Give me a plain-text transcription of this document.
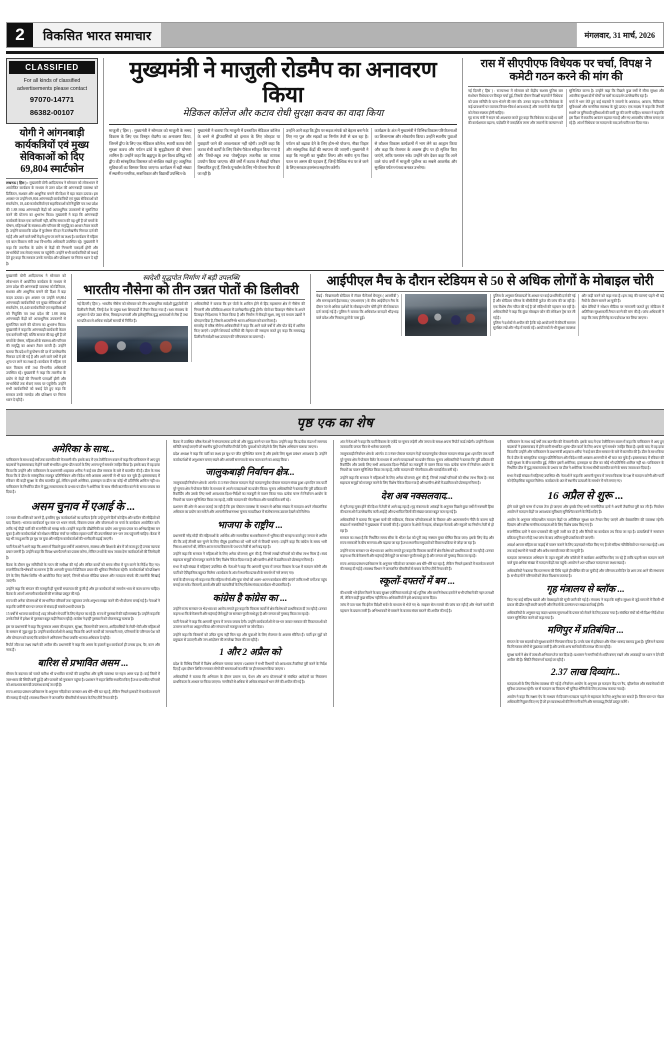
2	विकसित भारत समाचार	मंगलवार, 31 मार्च, 2026
CLASSIFIED
For all kinds of classified advertisements please contact
97070-14771
86382-00107
योगी ने आंगनबाड़ी कार्यकत्रियों एवं मुख्य सेविकाओं को दिए 69,804 स्मार्टफोन
लखनऊ ( हिंस ) : मुख्यमंत्री योगी आदित्यनाथ ने सोमवार को लोकभवन में आयोजित कार्यक्रम के माध्यम से उत्तर प्रदेश की आंगनबाड़ी व्यवस्था को डिजिटल, सशक्त और आधुनिक बनाने की दिशा में बड़ा कदम उठाया। इस अवसर पर उन्होंने 69,804 आंगनबाड़ी कार्यकत्रियों एवं मुख्य सेविकाओं को स्मार्टफोन, 18,440 कार्यकत्रियों एवं सहायिकाओं को नियुक्ति पत्र तथा प्रदेश की 1.88 लाख आंगनबाड़ी केंद्रों को अत्याधुनिक उपकरणों से सुसज्जित करने की योजना का शुभारंभ किया। मुख्यमंत्री ने कहा कि आंगनबाड़ी कार्यकत्री केवल एक कर्मचारी नहीं, बल्कि समाज की वह धुरी हैं जो बच्चों के पोषण, महिलाओं के स्वास्थ्य और परिवार की समृद्धि का आधार तैयार करती हैं। उन्होंने बताया कि प्रदेश में कुपोषण की दर में उल्लेखनीय गिरावट दर्ज की गई है और आने वाले वर्षों में इसे शून्य पर लाने का लक्ष्य है। कार्यक्रम में महिला एवं बाल विकास मंत्री तथा विभागीय अधिकारी उपस्थित रहे। मुख्यमंत्री ने कहा कि तकनीक के प्रयोग से केंद्रों की निगरानी पारदर्शी होगी और लाभार्थियों तक सेवाएं समय पर पहुंचेंगी। उन्होंने सभी कार्यकत्रियों को बधाई देते हुए कहा कि सरकार उनके मानदेय और प्रशिक्षण पर निरंतर ध्यान दे रही है।
मुख्यमंत्री ने माजुली रोडमैप का अनावरण किया
मेडिकल कॉलेज और कटाव रोधी सुरक्षा कवच का वादा किया
माजुली ( हिंस ) : मुख्यमंत्री ने सोमवार को माजुली के समग्र विकास के लिए एक विस्तृत रोडमैप का अनावरण किया, जिसमें द्वीप के लिए एक मेडिकल कॉलेज, स्थायी कटाव रोधी सुरक्षा कवच और पर्यटन ढांचे के सुदृढ़ीकरण की घोषणा शामिल है। उन्होंने कहा कि ब्रह्मपुत्र के इस विश्व प्रसिद्ध नदी द्वीप की सांस्कृतिक विरासत को संरक्षित रखते हुए आधुनिक सुविधाओं का विस्तार किया जाएगा। कार्यक्रम में बड़ी संख्या में स्थानीय नागरिक, सत्राधिकार और विद्यार्थी उपस्थित थे।
मुख्यमंत्री ने बताया कि माजुली में प्रस्तावित मेडिकल कॉलेज के बनने से द्वीपवासियों को इलाज के लिए जोरहाट या गुवाहाटी जाने की आवश्यकता नहीं रहेगी। उन्होंने कहा कि कटाव रोधी कार्यों के लिए विशेष पैकेज स्वीकृत किया गया है और जियो-ट्यूब तथा पोर्क्यूपाइन तकनीक का व्यापक उपयोग किया जाएगा। बीते वर्षों में कटाव से सैकड़ों परिवार विस्थापित हुए हैं, जिनके पुनर्वास के लिए भी योजना तैयार की जा रही है।
उन्होंने आगे कहा कि द्वीप पर सड़क संपर्क को बेहतर बनाने के लिए नए पुल और सड़कों का निर्माण तेजी से चल रहा है। पर्यटन को बढ़ावा देने के लिए होम-स्टे योजना, नौका विहार और सांस्कृतिक केंद्रों की स्थापना की जाएगी। मुख्यमंत्री ने कहा कि माजुली का मुखौटा शिल्प और सत्रीय नृत्य विश्व पटल पर असम की पहचान हैं, जिन्हें वैश्विक मंच पर ले जाने के लिए सरकार हरसंभव सहयोग करेगी।
कार्यक्रम के अंत में मुख्यमंत्री ने विभिन्न विकास परियोजनाओं का शिलान्यास और लोकार्पण किया। उन्होंने स्थानीय युवाओं से कौशल विकास कार्यक्रमों में भाग लेने का आह्वान किया और कहा कि रोजगार के अवसर द्वीप पर ही सृजित किए जाएंगे, ताकि पलायन रुके। उन्होंने जोर देकर कहा कि आने वाले पांच वर्षों में माजुली पूर्वोत्तर का सबसे आकर्षक और सुरक्षित पर्यटन गंतव्य बनकर उभरेगा।
रास में सीएपीएफ विधेयक पर चर्चा, विपक्ष ने कमेटी गठन करने की मांग की
नई दिल्ली ( हिंस ) : राज्यसभा में सोमवार को केंद्रीय सशस्त्र पुलिस बल संशोधन विधेयक पर विस्तृत चर्चा हुई, जिसके दौरान विपक्षी सदस्यों ने विधेयक को प्रवर समिति के पास भेजने की मांग की। उनका कहना था कि विधेयक के कई प्रावधानों पर व्यापक विचार-विमर्श आवश्यक है और जवानों के सेवा हितों को लेकर स्पष्टता होनी चाहिए।
गृह राज्य मंत्री ने सदन को आश्वस्त करते हुए कहा कि विधेयक का उद्देश्य बलों की कार्यक्षमता बढ़ाना, पदोन्नति में पारदर्शिता लाना और जवानों के कल्याण को सुनिश्चित करना है। उन्होंने कहा कि पिछले कुछ वर्षों में सीमा सुरक्षा और आंतरिक सुरक्षा दोनों मोर्चों पर बलों का प्रदर्शन उल्लेखनीय रहा है।
चर्चा में भाग लेते हुए कई सदस्यों ने जवानों के अवकाश, आवास, चिकित्सा सुविधाओं और मानसिक स्वास्थ्य के मुद्दे उठाए। एक सदस्य ने कहा कि तैनाती स्थलों पर बुनियादी सुविधाओं की कमी दूर की जानी चाहिए। सरकार ने कहा कि इस दिशा में बजटीय आवंटन बढ़ाया गया है और नए आवासीय परिसर बनाए जा रहे हैं। अंत में विधेयक पर मतदान के बाद उसे पारित कर दिया गया।
मुख्यमंत्री योगी आदित्यनाथ ने सोमवार को लोकभवन में आयोजित कार्यक्रम के माध्यम से उत्तर प्रदेश की आंगनबाड़ी व्यवस्था को डिजिटल, सशक्त और आधुनिक बनाने की दिशा में बड़ा कदम उठाया। इस अवसर पर उन्होंने 69,804 आंगनबाड़ी कार्यकत्रियों एवं मुख्य सेविकाओं को स्मार्टफोन, 18,440 कार्यकत्रियों एवं सहायिकाओं को नियुक्ति पत्र तथा प्रदेश की 1.88 लाख आंगनबाड़ी केंद्रों को अत्याधुनिक उपकरणों से सुसज्जित करने की योजना का शुभारंभ किया। मुख्यमंत्री ने कहा कि आंगनबाड़ी कार्यकत्री केवल एक कर्मचारी नहीं, बल्कि समाज की वह धुरी हैं जो बच्चों के पोषण, महिलाओं के स्वास्थ्य और परिवार की समृद्धि का आधार तैयार करती हैं। उन्होंने बताया कि प्रदेश में कुपोषण की दर में उल्लेखनीय गिरावट दर्ज की गई है और आने वाले वर्षों में इसे शून्य पर लाने का लक्ष्य है। कार्यक्रम में महिला एवं बाल विकास मंत्री तथा विभागीय अधिकारी उपस्थित रहे। मुख्यमंत्री ने कहा कि तकनीक के प्रयोग से केंद्रों की निगरानी पारदर्शी होगी और लाभार्थियों तक सेवाएं समय पर पहुंचेंगी। उन्होंने सभी कार्यकत्रियों को बधाई देते हुए कहा कि सरकार उनके मानदेय और प्रशिक्षण पर निरंतर ध्यान दे रही है।
स्वदेशी युद्धपोत निर्माण में बड़ी उपलब्धि
भारतीय नौसेना को तीन उन्नत पोतों की डिलीवरी
नई दिल्ली ( हिंस ) : भारतीय नौसेना को सोमवार को तीन अत्याधुनिक स्वदेशी युद्धपोतों की डिलीवरी मिली, जिन्हें देश के प्रमुख रक्षा शिपयार्डों में तैयार किया गया है। रक्षा मंत्रालय के अनुसार ये पोत उन्नत सेंसर, मिसाइल प्रणाली और इलेक्ट्रॉनिक युद्ध क्षमताओं से लैस हैं तथा 60 प्रतिशत से अधिक स्वदेशी सामग्री से निर्मित हैं।
अधिकारियों ने बताया कि इन पोतों के शामिल होने से हिंद महासागर क्षेत्र में नौसेना की निगरानी और प्रतिक्रिया क्षमता में उल्लेखनीय वृद्धि होगी। पोतों का डिजाइन नौसेना के अपने डिजाइन निदेशालय ने तैयार किया है और निर्माण में सैकड़ों सूक्ष्म, लघु एवं मध्यम उद्यमों ने योगदान दिया है, जिससे आत्मनिर्भर भारत अभियान को बल मिला है।
समारोह में वरिष्ठ नौसेना अधिकारियों ने कहा कि आने वाले वर्षों में और पोत बेड़े में शामिल किए जाएंगे। उन्होंने शिपयार्ड कर्मियों की मेहनत की सराहना करते हुए कहा कि समयबद्ध डिलीवरी स्वदेशी रक्षा उत्पादन की परिपक्वता का प्रमाण है।
आईपीएल मैच के दौरान स्टेडियम से 50 से अधिक लोगों के मोबाइल चोरी
चेन्नई : चिन्नास्वामी स्टेडियम में रॉयल चैलेंजर्स बेंगलुरु ( आरसीबी ) और सनराइजर्स हैदराबाद ( एसआरएच ) के बीच आईपीएल मैच के दौरान 50 से अधिक दर्शकों के मोबाइल फोन चोरी होने की शिकायत दर्ज कराई गई है। पुलिस ने बताया कि अधिकांश वारदातें भीड़भाड़ वाले प्रवेश और निकास द्वारों के पास हुईं।
पुलिस के अनुसार शिकायतों के आधार पर कई प्राथमिकी दर्ज की गई हैं और स्टेडियम परिसर के सीसीटीवी फुटेज की जांच की जा रही है। एक विशेष टीम गठित की गई है जो संदिग्धों की पहचान कर रही है। अधिकारियों ने कहा कि कुछ मोबाइल फोन की लोकेशन ट्रेस कर ली गई है।
पुलिस ने दर्शकों से अपील की है कि बड़े आयोजनों में कीमती सामान सुरक्षित रखें और भीड़ में सतर्क रहें। आयोजकों से भी सुरक्षा व्यवस्था और कड़ी करने को कहा गया है। इस तरह की घटनाएं पहले भी बड़े मैचों के दौरान सामने आ चुकी हैं।
खेल प्रेमियों ने सोशल मीडिया पर नाराजगी जताते हुए स्टेडियम में अतिरिक्त सुरक्षाकर्मी तैनात करने की मांग की है। जांच अधिकारी ने कहा कि जल्द ही गिरोह का पर्दाफाश कर लिया जाएगा।
पृष्ठ एक का शेष
अमेरिका के साथ...

पाकिस्तान के साथ कई वर्षों तक बातचीत की मेजबानी की। इसके बाद में एक टेलीविजन बयान में कहा कि पाकिस्तान में आए हुए बदलावों ने इस्लामाबाद में होने वाली संभावित शुल्क-डील वार्ता के लिए अपना पूर्ण समर्थन जाहिर किया है। इसके बाद में यह दावा किया कि उन्होंने और पाकिस्तान के प्रधानमंत्री शाहबाज शरीफ ने कई बार डील सरकार के बारे में बातचीत की है। डील के साथ किया कि वे डील के सांस्कृतिक मजबूत प्रतिनिधियन और विदेश मंत्री अब्बास अरागची से भी बात कर चुके हैं। इस्लामाबाद में रविवार की कड़ी सुरक्षा के बीच बातचीत हुई, लेकिन इसमें अमेरिका, इजराइल या डील का कोई भी प्रतिनिधि शामिल नहीं था। पाकिस्तान के निर्धारित डील में युद्ध सकारात्मक के प्रभाव पर डील ने अमेरिका के साथ सीधी बातचीत करने के समय जवाब कर दिया है।

असम चुनाव में एआई के ...

10 साल की शक्ति को जानने हैं, इसलिए बूथ कार्यकर्ताओं का दायित्व है कि उन्हें पुराने दिनों को हिंस और कठिन की सीढ़ियों को याद दिलाएं। भाजपा कार्यकर्ता बूथ स्तर पर भवन संपर्क, विकास प्रचार और योजनाओं पर चर्चा के कार्यक्रम आयोजित करें। ताकि नई पीढ़ी पार्टी की राजनीति को समझ सके। उन्होंने कहा कि प्रौद्योगिकी का प्रयोग अब चुनाव प्रचार का अभिन्न हिस्सा बन चुका है और कार्यकर्ताओं को सोशल मीडिया मंचों पर सक्रिय रहकर पार्टी की उपलब्धियां जन-जन तक पहुंचानी चाहिए। बैठक में यह भी तय हुआ कि हर बूथ पर युवा और महिला कार्यकर्ताओं की भागीदारी बढ़ाई जाएगी।

पार्टी नेताओं ने आगे कहा कि असम में पिछले कुछ वर्षों में अवसंरचना, स्वास्थ्य और शिक्षा के क्षेत्र में जो काम हुए हैं उनका व्यापक प्रचार जरूरी है। उन्होंने कहा कि विपक्ष भ्रम फैलाने का प्रयास करेगा, लेकिन तथ्यों के साथ जवाब देना कार्यकर्ताओं की जिम्मेदारी है।

बैठक के दौरान बूथ समितियों के गठन की समीक्षा की गई और लंबित कार्यों को समय सीमा में पूरा करने के निर्देश दिए गए। राजनीतिक विश्लेषकों का मानना है कि आगामी चुनाव में डिजिटल प्रचार की भूमिका निर्णायक रहेगी। कार्यकर्ताओं को प्रशिक्षण देने के लिए विशेष शिविर भी आयोजित किए जाएंगे, जिनमें सोशल मीडिया प्रबंधन और मतदाता संपर्क की तकनीकें सिखाई जाएंगी।

उन्होंने कहा कि संगठन की मजबूती ही चुनावी सफलता की कुंजी है और हर कार्यकर्ता को समर्पण भाव से काम करना चाहिए। बैठक के अंत में आगामी कार्यक्रमों की रूपरेखा प्रस्तुत की गई।

राज्य की अनेक योजनाओं से लाभान्वित परिवारों तक पहुंचकर उनके अनुभव साझा करने की भी योजना बनाई गई है। नेताओं ने कहा कि जमीनी स्तर पर जनता से संवाद ही सबसे प्रभावी प्रचार है।

15 वर्षों से भाजपा कार्यरत है। यह जोरशोर से पार्टी के लिए मेहनत का रहे हैं। राज्य में पुरस्कारों की बड़ी समस्या है। उन्होंने कहा कि उनके जिले में हमेशा से पुरस्कार बहुत बड़ी निकल रही है। कांग्रेस ने इन्हीं पुरस्कारों को योजनाबद्ध चलाया है।

इस पर प्रधानमंत्री ने कहा कि पुरस्कार असम की पहचान, सुरक्षा, किसानों की जरूरत, आदिवासियों के रोजी-रोटी और महिलाओं के सम्मान से जुड़ा मुद्दा है। उन्होंने कार्यकर्ताओं से आग्रह किया कि अपने कार्यों को जानकारी लाएं, परिणामों के परिणाम पेश करें और योगदान को बताएं कि कांग्रेस ने अनियंत्रण तिथा जबकि भाजपा अधिकार दे रही है।

रिपोर्ट जीत का लक्ष्य रखने की अपील की। प्रधानमंत्री ने कहा कि असम के हजारों बूथ कार्यकर्ता ही उनका हाथ, पैर, कान और नाक हैं।

बारिश से प्रभावित असम ...

मौसम के बदलाव को चलते बारिश भी प्रभावित राज्यों की प्राकृतिक और कृषि व्यवस्था पर गहरा असर पड़ा है। कई जिलों में जलभराव की स्थिति बनी हुई है और फसलों को नुकसान पहुंचा है। प्रशासन ने राहत शिविर स्थापित किए हैं तथा प्रभावित परिवारों को आवश्यक सामग्री उपलब्ध कराई जा रही है।

राज्य आपदा प्रबंधन प्राधिकरण के अनुसार नदियों का जलस्तर अब धीरे-धीरे घट रहा है, लेकिन निचले इलाकों में सतर्कता बरतने की सलाह दी गई है। स्वास्थ्य विभाग ने जलजनित बीमारियों से बचाव के लिए टीमें तैनात की हैं।

बैठक में उपस्थित वरिष्ठ नेताओं ने संगठनात्मक ढांचे को और सुदृढ़ करने पर बल दिया। उन्होंने कहा कि प्रत्येक मंडल में समन्वय समिति बनाई जाएगी जो स्थानीय मुद्दों पर नियमित रिपोर्ट देगी। युवाओं को जोड़ने के लिए विशेष अभियान चलाया जाएगा।

प्रदेश अध्यक्ष ने कहा कि पार्टी का लक्ष्य हर बूथ पर जीत सुनिश्चित करना है और इसके लिए सूक्ष्म प्रबंधन आवश्यक है। उन्होंने कार्यकर्ताओं से अनुशासन बनाए रखने और आपसी समन्वय के साथ काम करने का आग्रह किया।

जालुकबाड़ी निर्वाचन क्षेत्र...

जालुकबाड़ी निर्वाचन क्षेत्र के अंतर्गत 113 नंबर पोस्टल मतदान में हो मतदानपूर्वक पोस्टल मतदान संपन्न हुआ। इस दिन तक पार्टी पूरे चुनाव क्षेत्र में पोस्टल बैलेट के माध्यम से अपने मतदाताओं का प्रयोग किया। चुनाव अधिकारियों ने बताया कि पूरी प्रक्रिया की रिकॉर्डिंग और उसके लिए सभी आवश्यक दिशा-निर्देशों का मजबूती से पालन किया गया। प्रत्येक चरण में निर्वाचन आयोग के नियमों का पालन सुनिश्चित किया जा रहा है, ताकि मतदान की गोपनीयता और पारदर्शिता बनी रहे।

प्रशासन की ओर से आशा जताई जा रही है कि इस पोस्टल व्यवस्था के माध्यम से अधिक संख्या में मतदाता अपने लोकतांत्रिक अधिकार का प्रयोग कर सकेंगे और आगामी विधानसभा चुनाव मतप्रतिशत में संतोषजनक उछाल देखने को मिलेगा।

भाजपा के राष्ट्रीय ...

प्रधानमंत्री नरेंद्र मोदी की महिलाओं के आर्थिक और सामाजिक सशक्तीकरण में भूमिका की सराहना करते हुए जनता से अपील की कि उन्हें तीसरी बार चुनने के लिए पीयूष हाजरिका को भारी मतों से विजयी बनाएं। उन्होंने कहा कि कांग्रेस के समय भारी निराशा असम में थी, लेकिन आज राज्य विकास के पथ पर तेजी से आगे बढ़ रहा है।

उन्होंने कहा कि सरकार ने महिलाओं के लिए अनेक योजनाएं शुरू की हैं, जिनसे लाखों परिवारों को सीधा लाभ मिला है। स्वयं सहायता समूहों को मजबूत करने के लिए विशेष पैकेज दिया गया है और ग्रामीण क्षेत्रों में उद्यमिता को प्रोत्साहन मिला है।

सभा में बड़ी संख्या में महिलाएं उपस्थित थीं। नेताओं ने कहा कि आगामी चुनाव में जनता विकास के पक्ष में मतदान करेगी और पार्टी को ऐतिहासिक बहुमत मिलेगा। कार्यक्रम के अंत में स्थानीय प्रत्याशी के समर्थन में नारे लगाए गए।

चर्चा के दौरान यह भी कहा गया कि महिला मोर्चा और युवा मोर्चा को अलग-अलग कार्यक्रम सौंपे जाएंगे ताकि सभी वर्गों तक पहुंच बनाई जा सके। किसानों, छात्रों और छोटे व्यापारियों के लिए विशेष संवाद कार्यक्रम भी प्रस्तावित हैं।

कांग्रेस है कांग्रेस का ...

उन्होंने राज्य सरकार पर भेदभाव का आरोप लगाते हुए कहा कि विकास कार्यों में क्षेत्र विशेष को प्राथमिकता दी जा रही है। उनका कहना था कि बेरोजगारी और महंगाई जैसे मुद्दों पर सरकार चुप्पी साधे हुए है और जनता को गुमराह किया जा रहा है।

पार्टी नेताओं ने कहा कि आगामी चुनाव में जनता जवाब देगी। उन्होंने कार्यकर्ताओं से घर-घर जाकर सरकार की विफलताओं को उजागर करने का आह्वान किया और संगठन को मजबूत बनाने पर जोर दिया।

उन्होंने कहा कि किसानों को उचित मूल्य नहीं मिल रहा और युवाओं के लिए रोजगार के अवसर सीमित हैं। पार्टी इन मुद्दों को प्रमुखता से उठाएगी और जन आंदोलन की रूपरेखा तैयार की जा रही है।

1 और 2 अप्रैल को

प्रदेश के विभिन्न जिलों में विशेष अभियान चलाया जाएगा। प्रशासन ने सभी विभागों को आवश्यक तैयारियां पूरी करने के निर्देश दिए हैं। इस दौरान शिविर लगाकर लोगों की समस्याओं का मौके पर ही समाधान किया जाएगा।

अधिकारियों ने बताया कि अभियान के दौरान प्रमाण पत्र, पेंशन और अन्य योजनाओं से संबंधित आवेदनों का निस्तारण प्राथमिकता के आधार पर किया जाएगा। नागरिकों से अधिक से अधिक संख्या में भाग लेने की अपील की गई है।

अंत में नेताओं ने कहा कि पार्टी विकास के एजेंडे पर चुनाव लड़ेगी और जनता के समक्ष अपना रिपोर्ट कार्ड रखेगी। उन्होंने विश्वास जताया कि जनता फिर से भरोसा जताएगी।

जालुकबाड़ी निर्वाचन क्षेत्र के अंतर्गत 113 नंबर पोस्टल मतदान में हो मतदानपूर्वक पोस्टल मतदान संपन्न हुआ। इस दिन तक पार्टी पूरे चुनाव क्षेत्र में पोस्टल बैलेट के माध्यम से अपने मतदाताओं का प्रयोग किया। चुनाव अधिकारियों ने बताया कि पूरी प्रक्रिया की रिकॉर्डिंग और उसके लिए सभी आवश्यक दिशा-निर्देशों का मजबूती से पालन किया गया। प्रत्येक चरण में निर्वाचन आयोग के नियमों का पालन सुनिश्चित किया जा रहा है, ताकि मतदान की गोपनीयता और पारदर्शिता बनी रहे।

उन्होंने कहा कि सरकार ने महिलाओं के लिए अनेक योजनाएं शुरू की हैं, जिनसे लाखों परिवारों को सीधा लाभ मिला है। स्वयं सहायता समूहों को मजबूत करने के लिए विशेष पैकेज दिया गया है और ग्रामीण क्षेत्रों में उद्यमिता को प्रोत्साहन मिला है।

देश अब नक्सलवाद...

से पूरी तरह मुक्त होने की दिशा में तेजी से आगे बढ़ रहा है। गृह मंत्रालय के आंकड़ों के अनुसार पिछले कुछ वर्षों में नक्सली हिंसा की घटनाओं में उल्लेखनीय कमी आई है और प्रभावित जिलों की संख्या घटकर बहुत कम रह गई है।

अधिकारियों ने बताया कि सुरक्षा बलों की सक्रियता, विकास परियोजनाओं के विस्तार और आत्मसमर्पण नीति के कारण बड़ी संख्या में नक्सलियों ने मुख्यधारा में वापसी की है। दूरदराज के क्षेत्रों में सड़क, मोबाइल नेटवर्क और स्कूलों का निर्माण तेजी से हो रहा है।

सरकार का लक्ष्य है कि निर्धारित समय सीमा के भीतर देश को पूरी तरह नक्सल मुक्त घोषित किया जाए। इसके लिए केंद्र और राज्य सरकारों के बीच समन्वय और बढ़ाया जा रहा है तथा स्थानीय समुदायों को विकास प्रक्रिया से जोड़ा जा रहा है।

उन्होंने राज्य सरकार पर भेदभाव का आरोप लगाते हुए कहा कि विकास कार्यों में क्षेत्र विशेष को प्राथमिकता दी जा रही है। उनका कहना था कि बेरोजगारी और महंगाई जैसे मुद्दों पर सरकार चुप्पी साधे हुए है और जनता को गुमराह किया जा रहा है।

राज्य आपदा प्रबंधन प्राधिकरण के अनुसार नदियों का जलस्तर अब धीरे-धीरे घट रहा है, लेकिन निचले इलाकों में सतर्कता बरतने की सलाह दी गई है। स्वास्थ्य विभाग ने जलजनित बीमारियों से बचाव के लिए टीमें तैनात की हैं।

स्कूलों-दफ्तरों में बम ...

की धमकी भरे ईमेल मिलने के बाद सुरक्षा एजेंसियां सतर्क हो गईं। पुलिस और बम निरोधक दस्तों ने सभी परिसरों की गहन तलाशी ली, लेकिन कहीं कुछ संदिग्ध नहीं मिला। अधिकारियों ने इसे अफवाह करार दिया।

जांच में पता चला कि ईमेल विदेशी सर्वर के माध्यम से भेजे गए थे। साइबर सेल मामले की जांच कर रही है और भेजने वालों की पहचान के प्रयास जारी हैं। अभिभावकों से घबराने के बजाय संयम बरतने की अपील की गई है।

पाकिस्तान के साथ कई वर्षों तक बातचीत की मेजबानी की। इसके बाद में एक टेलीविजन बयान में कहा कि पाकिस्तान में आए हुए बदलावों ने इस्लामाबाद में होने वाली संभावित शुल्क-डील वार्ता के लिए अपना पूर्ण समर्थन जाहिर किया है। इसके बाद में यह दावा किया कि उन्होंने और पाकिस्तान के प्रधानमंत्री शाहबाज शरीफ ने कई बार डील सरकार के बारे में बातचीत की है। डील के साथ किया कि वे डील के सांस्कृतिक मजबूत प्रतिनिधियन और विदेश मंत्री अब्बास अरागची से भी बात कर चुके हैं। इस्लामाबाद में रविवार की कड़ी सुरक्षा के बीच बातचीत हुई, लेकिन इसमें अमेरिका, इजराइल या डील का कोई भी प्रतिनिधि शामिल नहीं था। पाकिस्तान के निर्धारित डील में युद्ध सकारात्मक के प्रभाव पर डील ने अमेरिका के साथ सीधी बातचीत करने के समय जवाब कर दिया है।

सभा में बड़ी संख्या में महिलाएं उपस्थित थीं। नेताओं ने कहा कि आगामी चुनाव में जनता विकास के पक्ष में मतदान करेगी और पार्टी को ऐतिहासिक बहुमत मिलेगा। कार्यक्रम के अंत में स्थानीय प्रत्याशी के समर्थन में नारे लगाए गए।

16 अप्रैल से शुरू ...

होने वाले दूसरे चरण में प्रचार तेज हो जाएगा और इसके लिए सभी राजनीतिक दलों ने अपनी तैयारियां पूरी कर ली हैं। निर्वाचन आयोग ने मतदान केंद्रों पर आवश्यक सुविधाएं सुनिश्चित करने के निर्देश दिए हैं।

आयोग के अनुसार संवेदनशील मतदान केंद्रों पर अतिरिक्त सुरक्षा बल तैनात किए जाएंगे और वेबकास्टिंग की व्यवस्था रहेगी। दिव्यांग और वरिष्ठ नागरिक मतदाताओं के लिए विशेष प्रबंध किए गए हैं।

राजनीतिक दलों ने स्टार प्रचारकों की सूची जारी कर दी है और रैलियों का कार्यक्रम तय किया जा रहा है। प्रत्याशियों ने नामांकन प्रक्रिया पूरी कर ली है तथा जांच के बाद अंतिम सूची प्रकाशित की जाएगी।

आदर्श आचार संहिता का कड़ाई से पालन कराने के लिए उड़नदस्ते गठित किए गए हैं जो संदिग्ध गतिविधियों पर नजर रख रहे हैं। अब तक कई स्थानों से नकदी और अवैध सामग्री जब्त की जा चुकी है।

मतदाता जागरूकता अभियान के तहत स्कूलों और कॉलेजों में कार्यक्रम आयोजित किए जा रहे हैं ताकि पहली बार मतदान करने वाले युवा अधिक संख्या में मतदान केंद्रों तक पहुंचें। आयोग ने शत-प्रतिशत मतदान का लक्ष्य रखा है।

अधिकारियों ने बताया कि मतगणना की तिथि पहले ही घोषित की जा चुकी है और परिणाम उसी दिन देर शाम तक आने की संभावना है। सभी दलों ने परिणामों को लेकर विश्वास जताया है।

गृह मंत्रालय से ब्लॉक ...

किए गए कई संदिग्ध खातों और वेबसाइटों की सूची जारी की गई है। मंत्रालय ने कहा कि राष्ट्रीय सुरक्षा से जुड़े मामलों में किसी भी प्रकार की ढील नहीं बरती जाएगी और नियमों के उल्लंघन पर सख्त कार्रवाई होगी।

अधिकारियों के अनुसार यह कदम भ्रामक सूचनाओं के प्रसार को रोकने के लिए उठाया गया है। संबंधित मंचों को भी दिशा-निर्देशों का पालन सुनिश्चित करने को कहा गया है।

मणिपुर में प्रतिबंधित ...

संगठन के चार सदस्यों को सुरक्षा बलों ने गिरफ्तार किया है। उनके पास से हथियार और गोला-बारूद बरामद हुआ है। पुलिस ने बताया कि गिरफ्तार लोगों से पूछताछ जारी है और उनके अन्य साथियों की तलाश की जा रही है।

सुरक्षा बलों ने क्षेत्र में तलाशी अभियान तेज कर दिया है। प्रशासन ने नागरिकों से शांति बनाए रखने और अफवाहों पर ध्यान न देने की अपील की है। स्थिति नियंत्रण में बताई जा रही है।

2.37 लाख दिव्यांग...

मतदाताओं के लिए विशेष व्यवस्था की गई है। निर्वाचन आयोग के अनुसार हर मतदान केंद्र पर रैंप, व्हीलचेयर और स्वयंसेवकों की सुविधा उपलब्ध रहेगी। घर से मतदान का विकल्प भी चुनिंदा श्रेणियों के लिए उपलब्ध कराया गया है।

आयोग ने कहा कि सक्षम ऐप के माध्यम से दिव्यांग मतदाता पहले से सहायता के लिए अनुरोध कर सकते हैं। जिला स्तर पर नोडल अधिकारी नियुक्त किए गए हैं जो इन व्यवस्थाओं की निगरानी करेंगे और समयबद्ध रिपोर्ट प्रस्तुत करेंगे।
